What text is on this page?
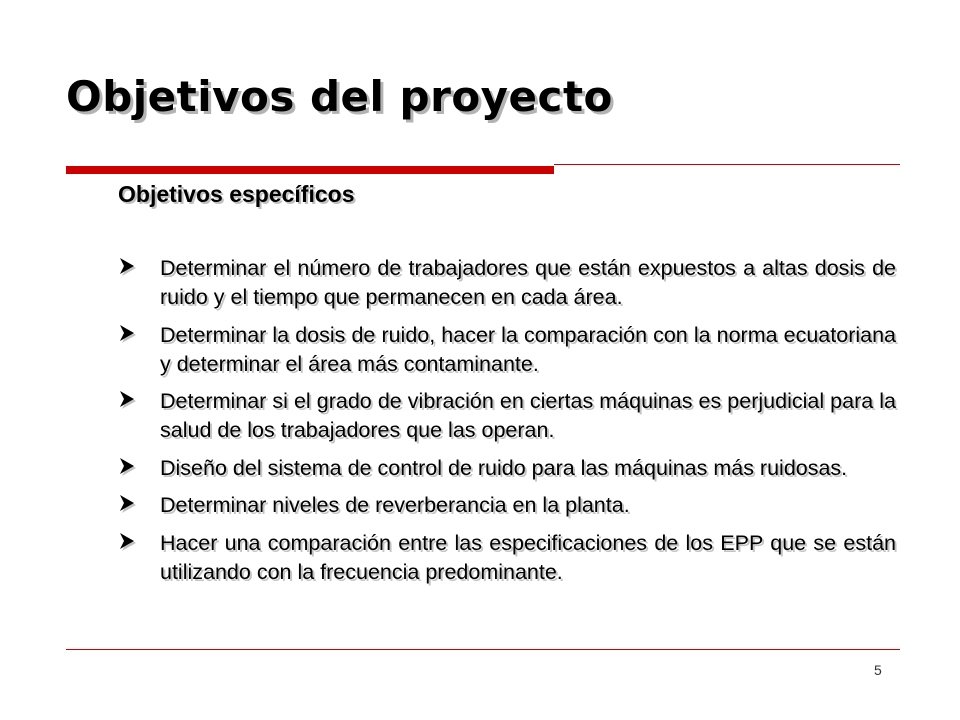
Objetivos del proyecto
Objetivos específicos
Determinar el número de trabajadores que están expuestos a altas dosis de ruido y el tiempo que permanecen en cada área.
Determinar la dosis de ruido, hacer la comparación con la norma ecuatoriana y determinar el área más contaminante.
Determinar si el grado de vibración en ciertas máquinas es perjudicial para la salud de los trabajadores que las operan.
Diseño del sistema de control de ruido para las máquinas más ruidosas.
Determinar niveles de reverberancia en la planta.
Hacer una comparación entre las especificaciones de los EPP que se están utilizando con la frecuencia predominante.
5
